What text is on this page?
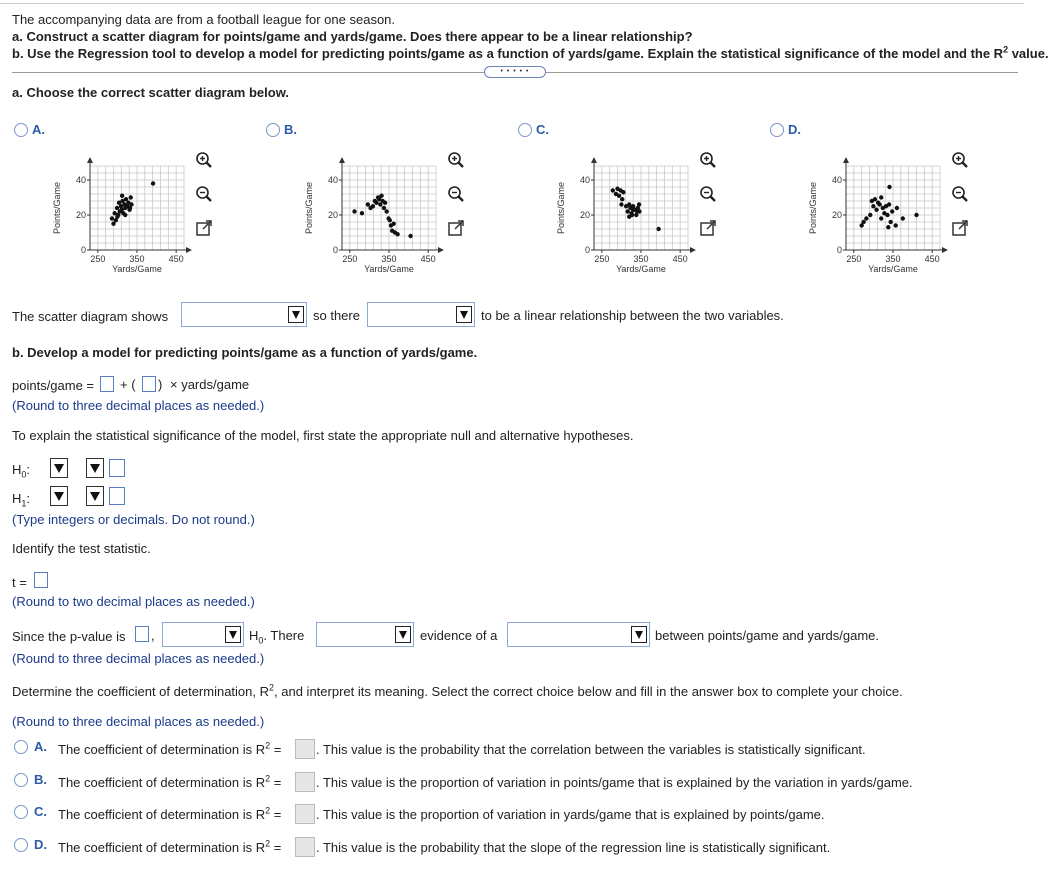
The accompanying data are from a football league for one season.
a. Construct a scatter diagram for points/game and yards/game. Does there appear to be a linear relationship?
b. Use the Regression tool to develop a model for predicting points/game as a function of yards/game. Explain the statistical significance of the model and the $R^2$ value.
• • • • •
a. Choose the correct scatter diagram below.
A.	B.	C.	D.
0
20
40
250	350	450
Yards/Game
Points/Game
0
20
40
250	350	450
Yards/Game
Points/Game
0
20
40
250	350	450
Yards/Game
Points/Game
0
20
40
250	350	450
Yards/Game
Points/Game
The scatter diagram shows	so there	to be a linear relationship between the two variables.
b. Develop a model for predicting points/game as a function of yards/game.
points/game = + ( ) × yards/game
(Round to three decimal places as needed.)
To explain the statistical significance of the model, first state the appropriate null and alternative hypotheses.
$H_0$:
$H_1$:
(Type integers or decimals. Do not round.)
Identify the test statistic.
t =
(Round to two decimal places as needed.)
Since the p-value is ,	$H_0$. There	evidence of a	between points/game and yards/game.
(Round to three decimal places as needed.)
Determine the coefficient of determination, $R^2$, and interpret its meaning. Select the correct choice below and fill in the answer box to complete your choice.
(Round to three decimal places as needed.)
A. The coefficient of determination is $R^2$ =	. This value is the probability that the correlation between the variables is statistically significant.
B. The coefficient of determination is $R^2$ =	. This value is the proportion of variation in points/game that is explained by the variation in yards/game.
C. The coefficient of determination is $R^2$ =	. This value is the proportion of variation in yards/game that is explained by points/game.
D. The coefficient of determination is $R^2$ =	. This value is the probability that the slope of the regression line is statistically significant.
